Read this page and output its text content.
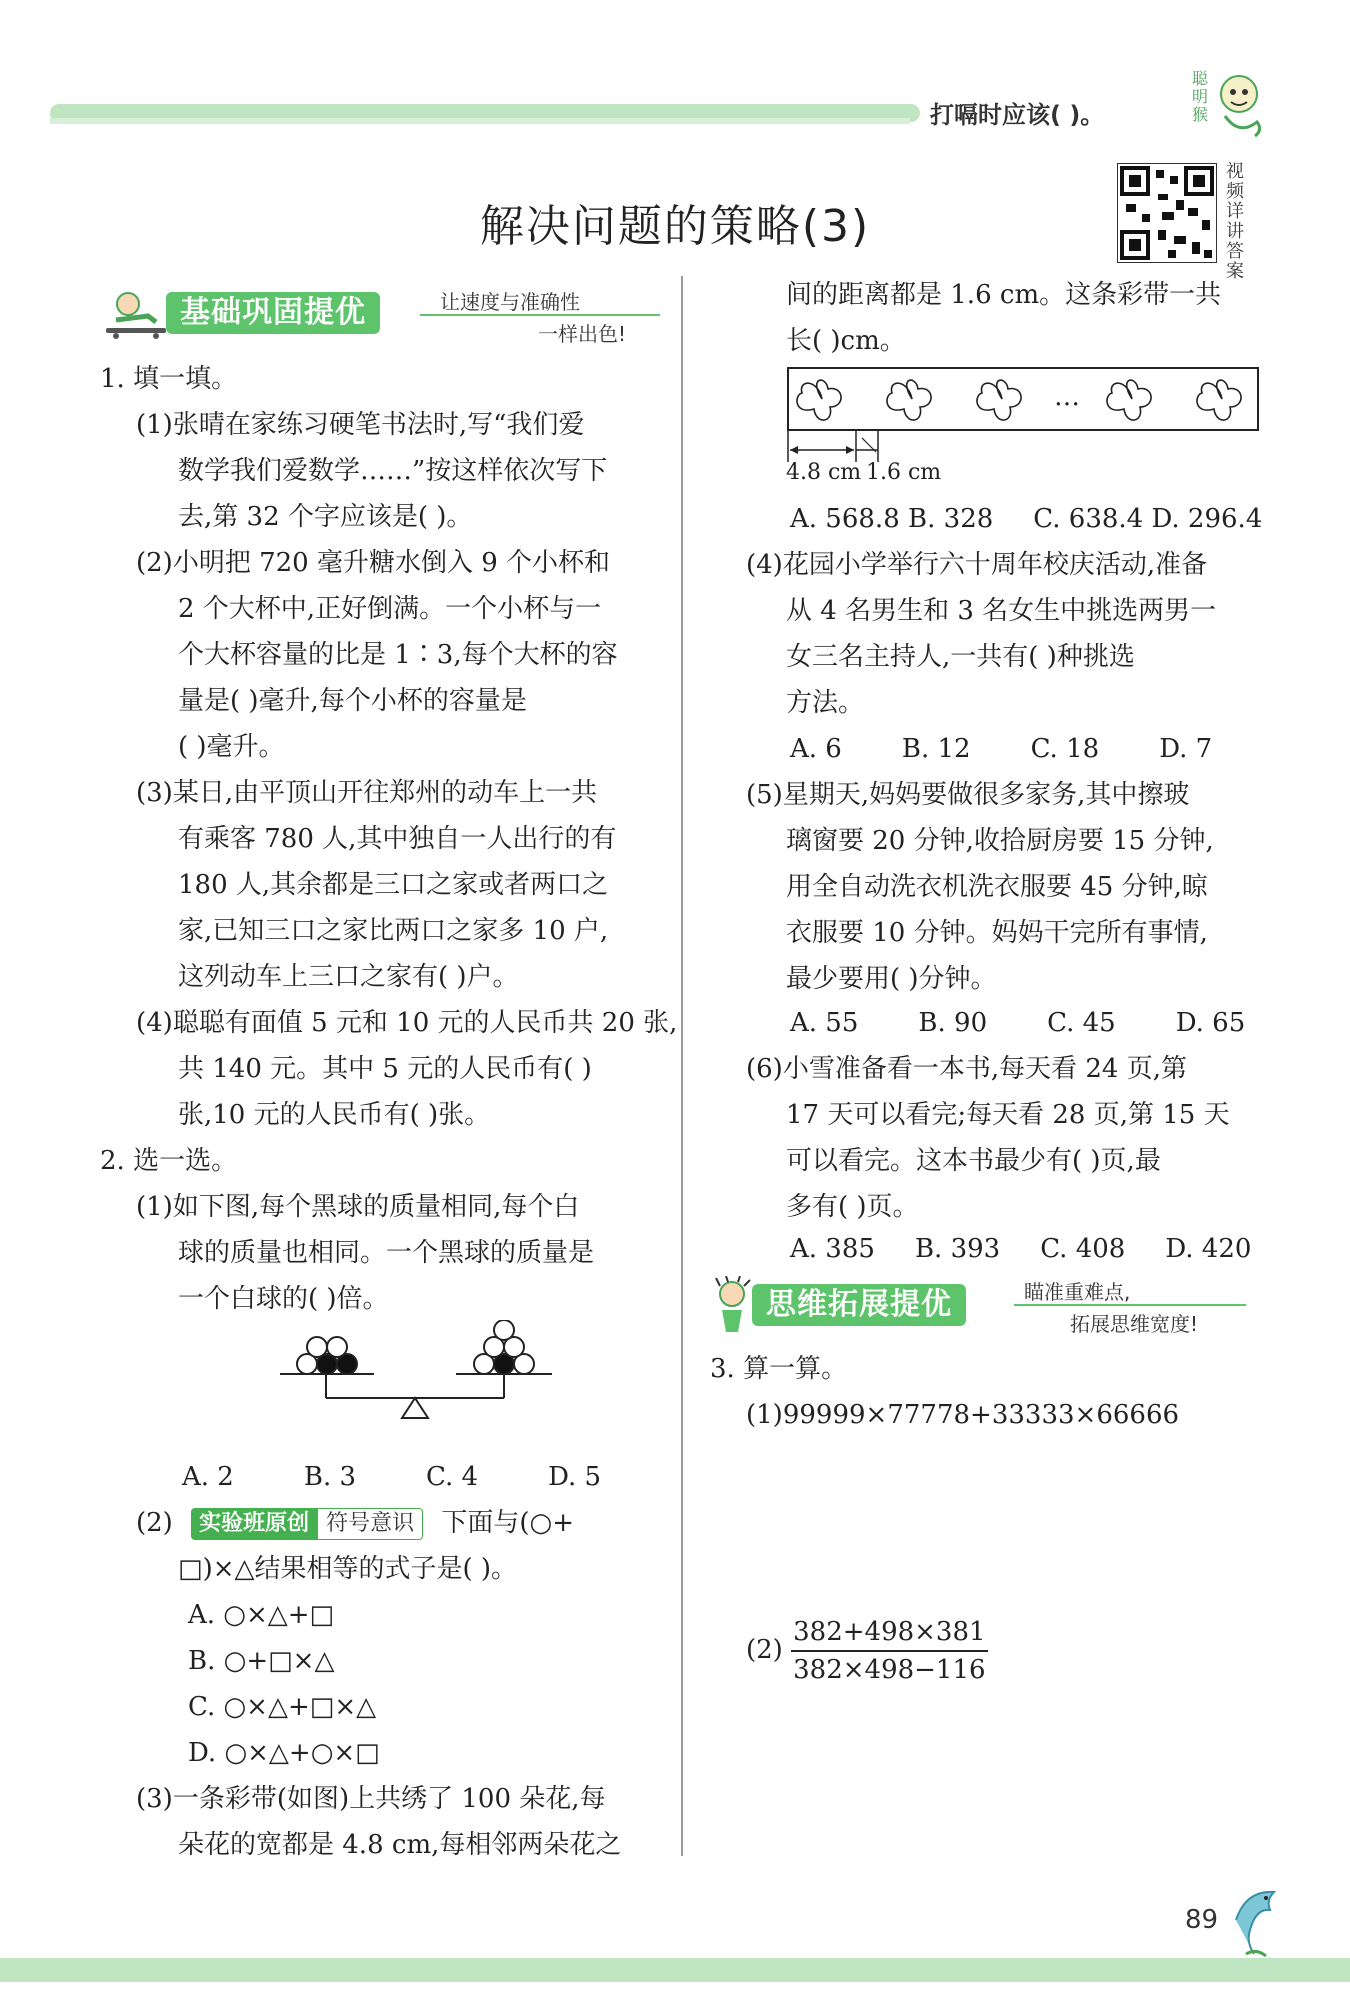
打嗝时应该( )。
聪明猴
解决问题的策略(3)
视频详讲答案
基础巩固提优	让速度与准确性
一样出色!
1. 填一填。
(1)张晴在家练习硬笔书法时,写“我们爱
数学我们爱数学……”按这样依次写下
去,第 32 个字应该是( )。
(2)小明把 720 毫升糖水倒入 9 个小杯和
2 个大杯中,正好倒满。一个小杯与一
个大杯容量的比是 1∶3,每个大杯的容
量是( )毫升,每个小杯的容量是
( )毫升。
(3)某日,由平顶山开往郑州的动车上一共
有乘客 780 人,其中独自一人出行的有
180 人,其余都是三口之家或者两口之
家,已知三口之家比两口之家多 10 户,
这列动车上三口之家有( )户。
(4)聪聪有面值 5 元和 10 元的人民币共 20 张,
共 140 元。其中 5 元的人民币有( )
张,10 元的人民币有( )张。
2. 选一选。
(1)如下图,每个黑球的质量相同,每个白
球的质量也相同。一个黑球的质量是
一个白球的( )倍。
A. 2	B. 3	C. 4	D. 5
(2)	实验班原创 符号意识	下面与(○+
□)×△结果相等的式子是( )。
A. ○×△+□
B. ○+□×△
C. ○×△+□×△
D. ○×△+○×□
(3)一条彩带(如图)上共绣了 100 朵花,每
朵花的宽都是 4.8 cm,每相邻两朵花之
间的距离都是 1.6 cm。这条彩带一共
长( )cm。
4.8 cm 1.6 cm
…
A. 568.8 B. 328 C. 638.4 D. 296.4
(4)花园小学举行六十周年校庆活动,准备
从 4 名男生和 3 名女生中挑选两男一
女三名主持人,一共有( )种挑选
方法。
A. 6 B. 12 C. 18 D. 7
(5)星期天,妈妈要做很多家务,其中擦玻
璃窗要 20 分钟,收拾厨房要 15 分钟,
用全自动洗衣机洗衣服要 45 分钟,晾
衣服要 10 分钟。妈妈干完所有事情,
最少要用( )分钟。
A. 55 B. 90 C. 45 D. 65
(6)小雪准备看一本书,每天看 24 页,第
17 天可以看完;每天看 28 页,第 15 天
可以看完。这本书最少有( )页,最
多有( )页。
A. 385 B. 393 C. 408 D. 420
思维拓展提优	瞄准重难点,
拓展思维宽度!
3. 算一算。
(1)99999×77778+33333×66666
$(2) \frac{382+498\times 381}{382\times 498-116}$
89
